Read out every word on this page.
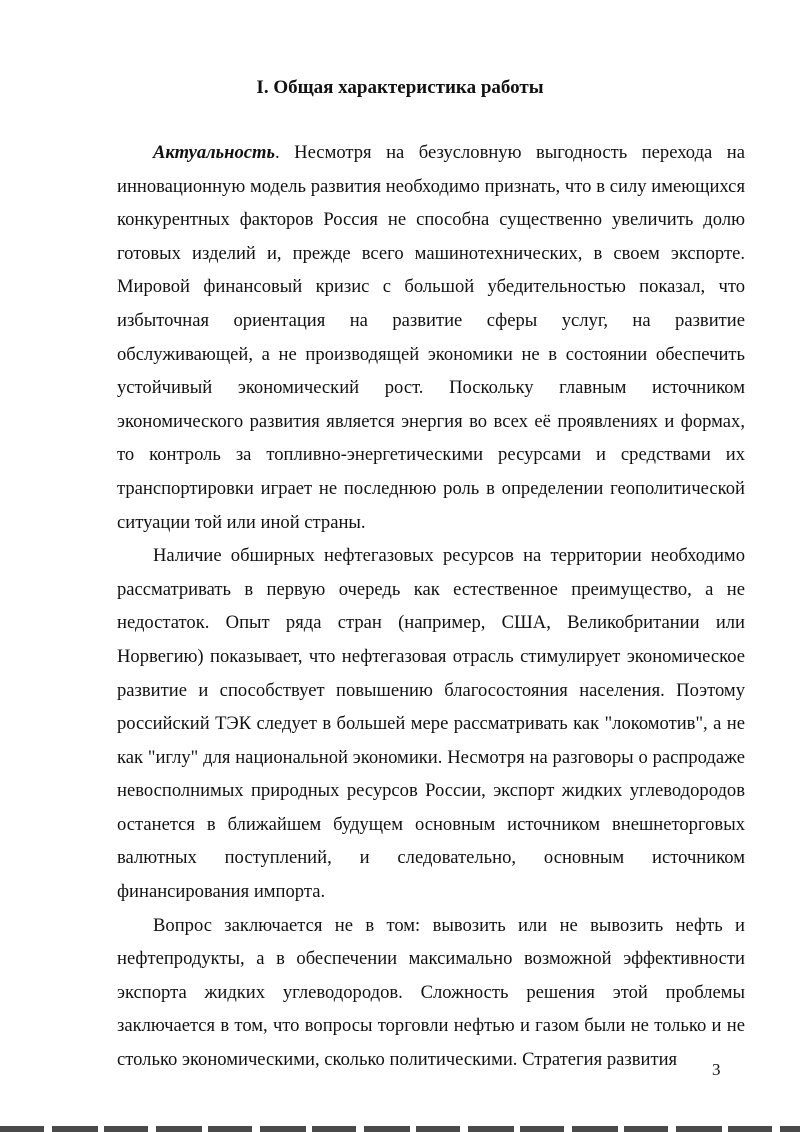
I. Общая характеристика работы

Актуальность. Несмотря на безусловную выгодность перехода на инновационную модель развития необходимо признать, что в силу имеющихся конкурентных факторов Россия не способна существенно увеличить долю готовых изделий и, прежде всего машинотехнических, в своем экспорте. Мировой финансовый кризис с большой убедительностью показал, что избыточная ориентация на развитие сферы услуг, на развитие обслуживающей, а не производящей экономики не в состоянии обеспечить устойчивый экономический рост. Поскольку главным источником экономического развития является энергия во всех её проявлениях и формах, то контроль за топливно-энергетическими ресурсами и средствами их транспортировки играет не последнюю роль в определении геополитической ситуации той или иной страны.

Наличие обширных нефтегазовых ресурсов на территории необходимо рассматривать в первую очередь как естественное преимущество, а не недостаток. Опыт ряда стран (например, США, Великобритании или Норвегию) показывает, что нефтегазовая отрасль стимулирует экономическое развитие и способствует повышению благосостояния населения. Поэтому российский ТЭК следует в большей мере рассматривать как "локомотив", а не как "иглу" для национальной экономики. Несмотря на разговоры о распродаже невосполнимых природных ресурсов России, экспорт жидких углеводородов останется в ближайшем будущем основным источником внешнеторговых валютных поступлений, и следовательно, основным источником финансирования импорта.

Вопрос заключается не в том: вывозить или не вывозить нефть и нефтепродукты, а в обеспечении максимально возможной эффективности экспорта жидких углеводородов. Сложность решения этой проблемы заключается в том, что вопросы торговли нефтью и газом были не только и не столько экономическими, сколько политическими. Стратегия развития	3
